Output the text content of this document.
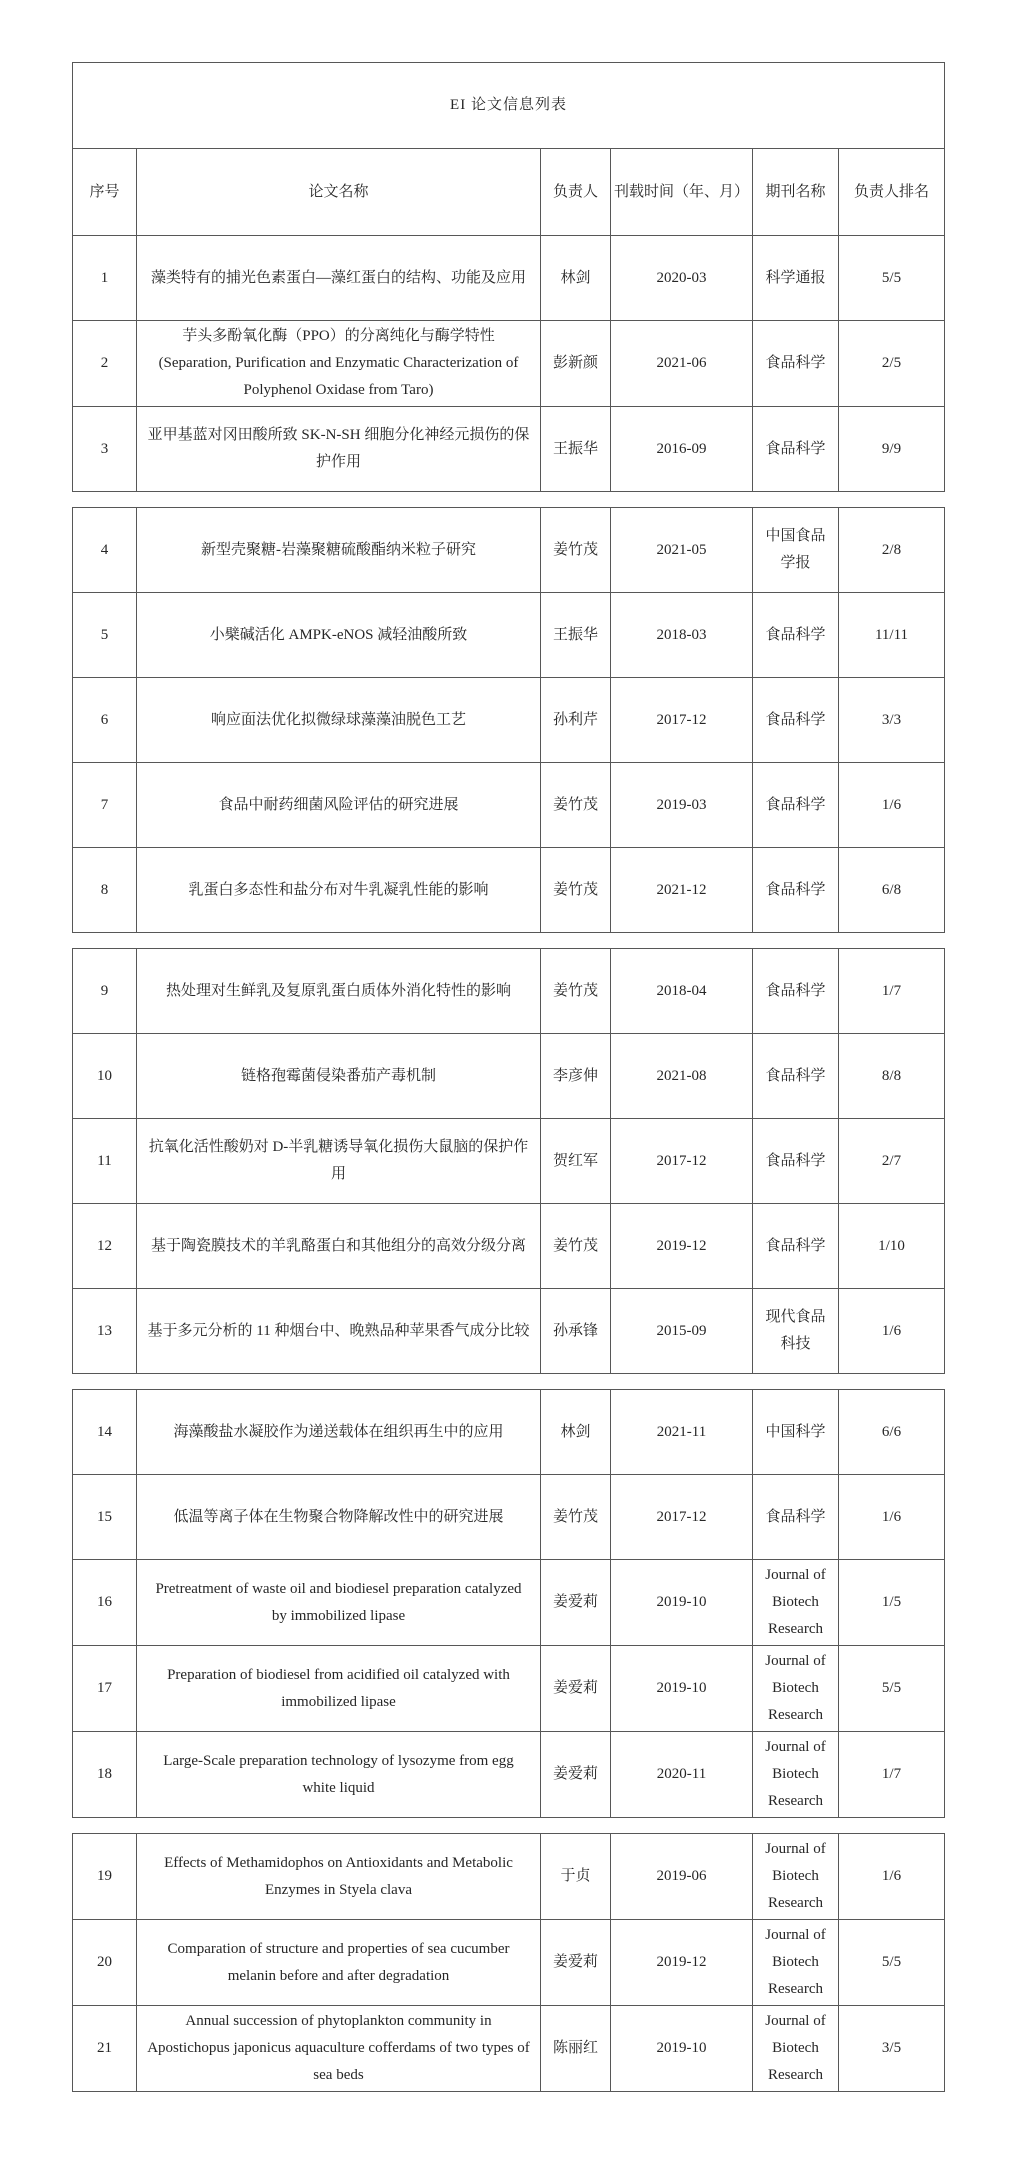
EI 论文信息列表					
序号	论文名称	负责人	刊载时间（年、月）	期刊名称	负责人排名
1	藻类特有的捕光色素蛋白—藻红蛋白的结构、功能及应用	林剑	2020-03	科学通报	5/5
2	芋头多酚氧化酶（PPO）的分离纯化与酶学特性(Separation, Purification and Enzymatic Characterization of Polyphenol Oxidase from Taro)	彭新颜	2021-06	食品科学	2/5
3	亚甲基蓝对冈田酸所致 SK-N-SH 细胞分化神经元损伤的保护作用	王振华	2016-09	食品科学	9/9
4	新型壳聚糖-岩藻聚糖硫酸酯纳米粒子研究	姜竹茂	2021-05	中国食品学报	2/8
5	小檗碱活化 AMPK-eNOS 减轻油酸所致	王振华	2018-03	食品科学	11/11
6	响应面法优化拟微绿球藻藻油脱色工艺	孙利芹	2017-12	食品科学	3/3
7	食品中耐药细菌风险评估的研究进展	姜竹茂	2019-03	食品科学	1/6
8	乳蛋白多态性和盐分布对牛乳凝乳性能的影响	姜竹茂	2021-12	食品科学	6/8
9	热处理对生鲜乳及复原乳蛋白质体外消化特性的影响	姜竹茂	2018-04	食品科学	1/7
10	链格孢霉菌侵染番茄产毒机制	李彦伸	2021-08	食品科学	8/8
11	抗氧化活性酸奶对 D-半乳糖诱导氧化损伤大鼠脑的保护作用	贺红军	2017-12	食品科学	2/7
12	基于陶瓷膜技术的羊乳酪蛋白和其他组分的高效分级分离	姜竹茂	2019-12	食品科学	1/10
13	基于多元分析的 11 种烟台中、晚熟品种苹果香气成分比较	孙承锋	2015-09	现代食品科技	1/6
14	海藻酸盐水凝胶作为递送载体在组织再生中的应用	林剑	2021-11	中国科学	6/6
15	低温等离子体在生物聚合物降解改性中的研究进展	姜竹茂	2017-12	食品科学	1/6
16	Pretreatment of waste oil and biodiesel preparation catalyzed by immobilized lipase	姜爱莉	2019-10	Journal of Biotech Research	1/5
17	Preparation of biodiesel from acidified oil catalyzed with immobilized lipase	姜爱莉	2019-10	Journal of Biotech Research	5/5
18	Large-Scale preparation technology of lysozyme from egg white liquid	姜爱莉	2020-11	Journal of Biotech Research	1/7
19	Effects of Methamidophos on Antioxidants and Metabolic Enzymes in Styela clava	于贞	2019-06	Journal of Biotech Research	1/6
20	Comparation of structure and properties of sea cucumber melanin before and after degradation	姜爱莉	2019-12	Journal of Biotech Research	5/5
21	Annual succession of phytoplankton community in Apostichopus japonicus aquaculture cofferdams of two types of sea beds	陈丽红	2019-10	Journal of Biotech Research	3/5
